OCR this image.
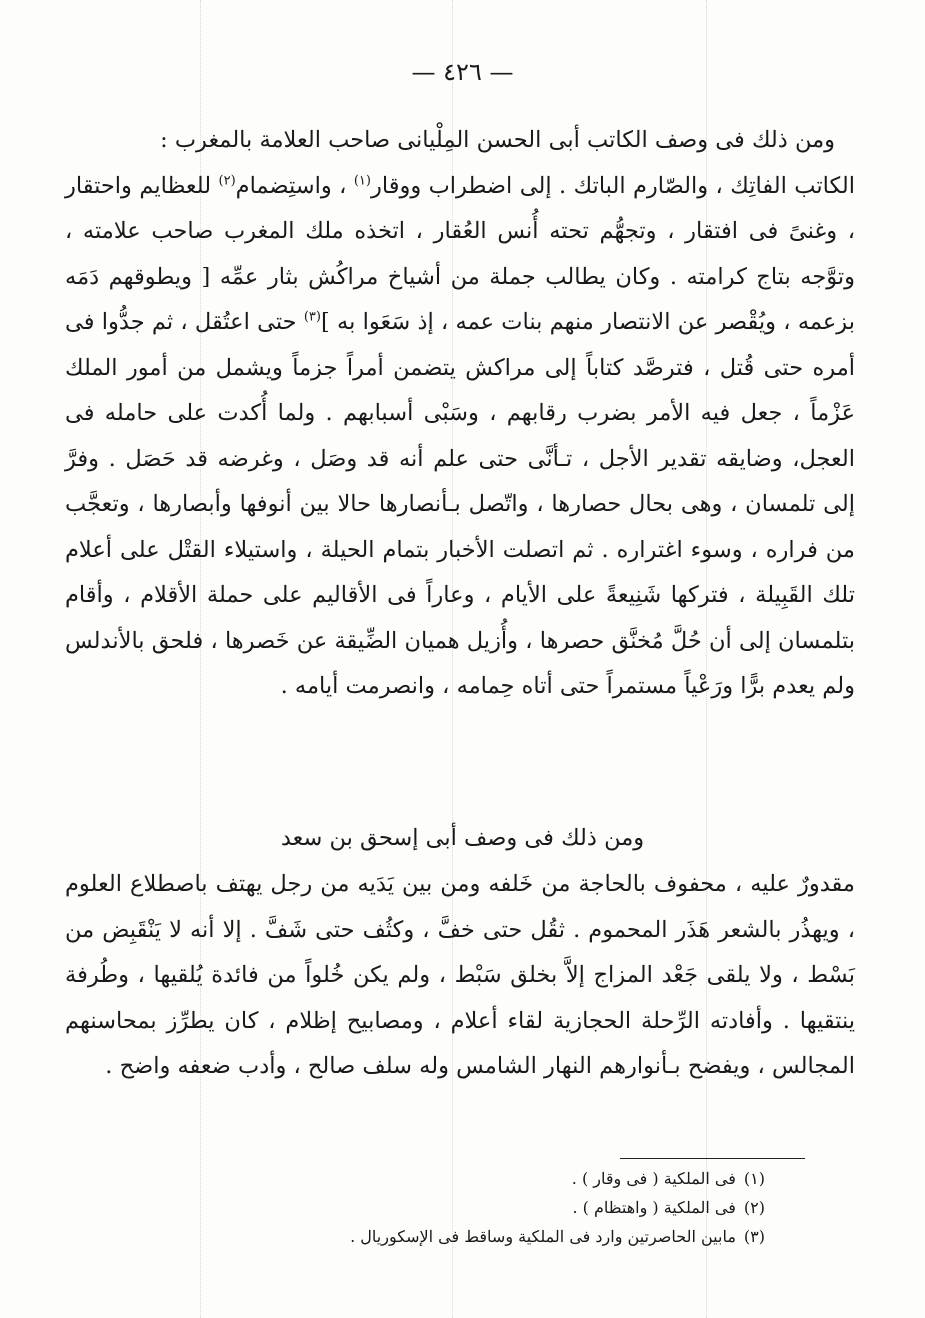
— ٤٢٦ —

ومن ذلك فى وصف الكاتب أبى الحسن المِلْيانى صاحب العلامة بالمغرب :

الكاتب الفاتِك ، والصّارم الباتك . إلى اضطراب ووقار$^{(١)}$ ، واستِضمام$^{(٢)}$ للعظايم واحتقار ، وغنىً فى افتقار ، وتجهُّم تحته أُنس العُقار ، اتخذه ملك المغرب صاحب علامته ، وتوَّجه بتاج كرامته . وكان يطالب جملة من أشياخ مراكُش بثار عمِّه [ ويطوقهم دَمَه بزعمه ، ويُقْصر عن الانتصار منهم بنات عمه ، إذ سَعَوا به ]$^{(٣)}$ حتى اعتُقل ، ثم جدُّوا فى أمره حتى قُتل ، فترصَّد كتاباً إلى مراكش يتضمن أمراً جزماً ويشمل من أمور الملك عَزْماً ، جعل فيه الأمر بضرب رقابهم ، وسَبْى أسبابهم . ولما أُكدت على حامله فى العجل، وضايقه تقدير الأجل ، تـأنَّى حتى علم أنه قد وصَل ، وغرضه قد حَصَل . وفرَّ إلى تلمسان ، وهى بحال حصارها ، واتّصل بـأنصارها حالا بين أنوفها وأبصارها ، وتعجَّب من فراره ، وسوء اغتراره . ثم اتصلت الأخبار بتمام الحيلة ، واستيلاء القتْل على أعلام تلك القَبِيلة ، فتركها شَنِيعةً على الأيام ، وعاراً فى الأقاليم على حملة الأقلام ، وأقام بتلمسان إلى أن حُلَّ مُخنَّق حصرها ، وأُزيل هميان الضِّيقة عن خَصرها ، فلحق بالأندلس ولم يعدم برًّا ورَعْياً مستمراً حتى أتاه حِمامه ، وانصرمت أيامه .

ومن ذلك فى وصف أبى إسحق بن سعد

مقدورٌ عليه ، محفوف بالحاجة من خَلفه ومن بين يَدَيه من رجل يهتف باصطلاع العلوم ، ويهذُر بالشعر هَذَر المحموم . ثقُل حتى خفَّ ، وكثُف حتى شَفَّ . إلا أنه لا يَنْقَبِض من بَسْط ، ولا يلقى جَعْد المزاج إلاَّ بخلق سَبْط ، ولم يكن خُلواً من فائدة يُلقيها ، وطُرفة ينتقيها . وأفادته الرِّحلة الحجازية لقاء أعلام ، ومصابيح إظلام ، كان يطرِّز بمحاسنهم المجالس ، ويفضح بـأنوارهم النهار الشامس وله سلف صالح ، وأدب ضعفه واضح .

(١)فى الملكية ( فى وقار ) .
(٢)فى الملكية ( واهتظام ) .
(٣)مابين الحاصرتين وارد فى الملكية وساقط فى الإسكوريال .
